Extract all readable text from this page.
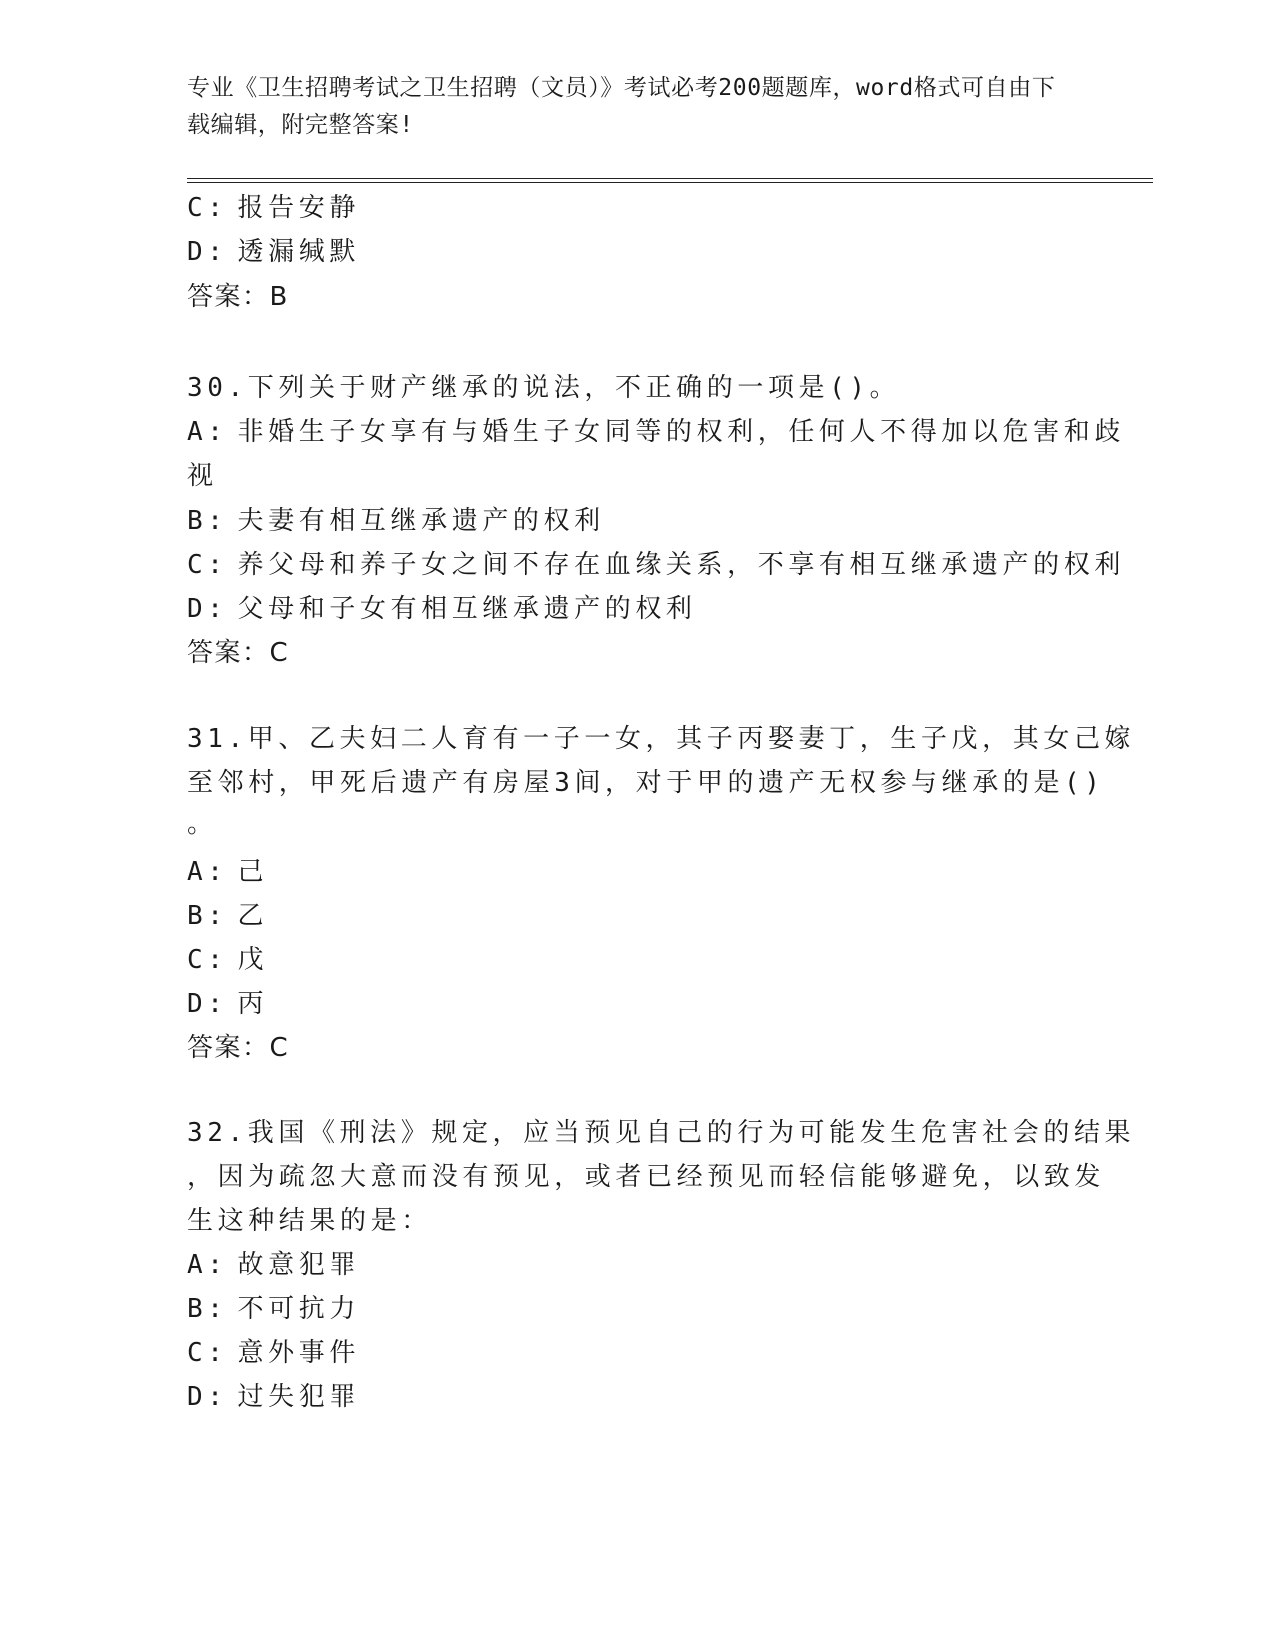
专业《卫生招聘考试之卫生招聘（文员）》考试必考200题题库，word格式可自由下载编辑，附完整答案!
C: 报告安静
D: 透漏缄默
答案：B
30.下列关于财产继承的说法，不正确的一项是()。
A: 非婚生子女享有与婚生子女同等的权利，任何人不得加以危害和歧
视
B: 夫妻有相互继承遗产的权利
C: 养父母和养子女之间不存在血缘关系，不享有相互继承遗产的权利
D: 父母和子女有相互继承遗产的权利
答案：C
31.甲、乙夫妇二人育有一子一女，其子丙娶妻丁，生子戊，其女己嫁
至邻村，甲死后遗产有房屋3间，对于甲的遗产无权参与继承的是()
。
A: 己
B: 乙
C: 戊
D: 丙
答案：C
32.我国《刑法》规定，应当预见自己的行为可能发生危害社会的结果
，因为疏忽大意而没有预见，或者已经预见而轻信能够避免，以致发
生这种结果的是：
A: 故意犯罪
B: 不可抗力
C: 意外事件
D: 过失犯罪
